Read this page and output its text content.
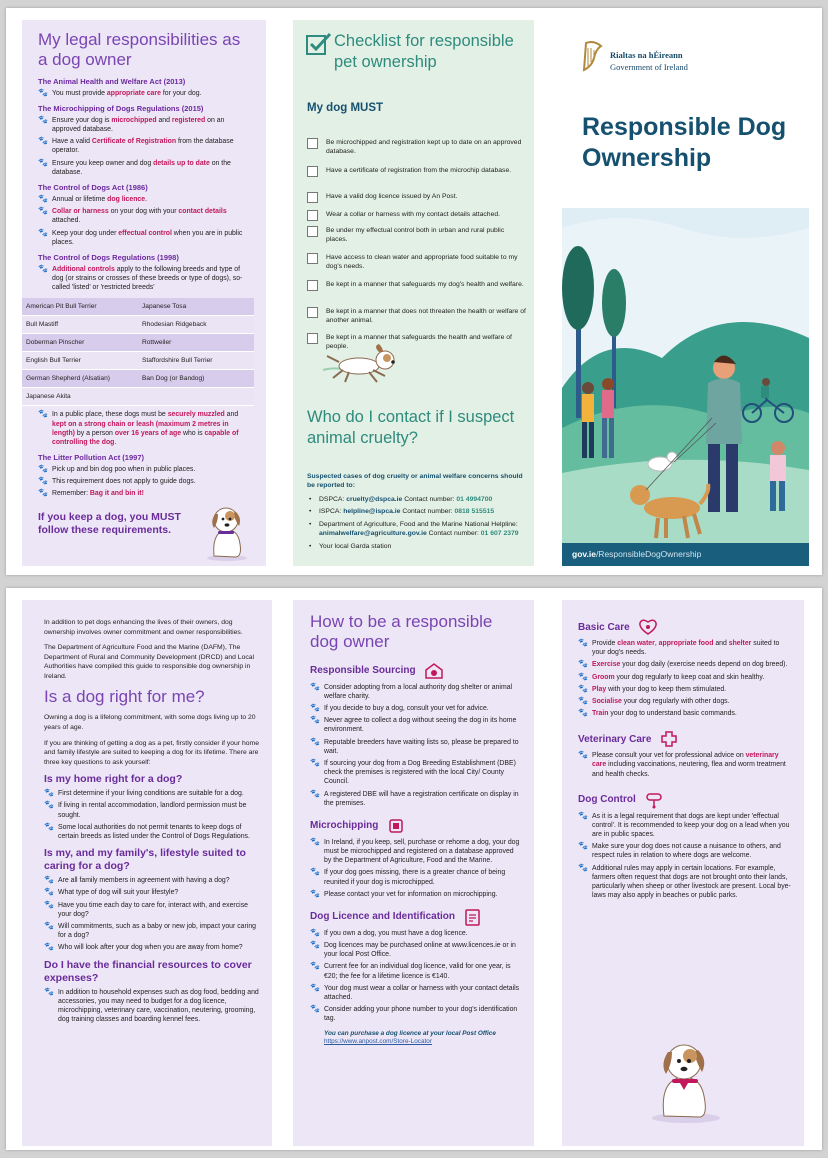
My legal responsibilities as a dog owner
The Animal Health and Welfare Act (2013)
🐾 You must provide appropriate care for your dog.
The Microchipping of Dogs Regulations (2015)
🐾 Ensure your dog is microchipped and registered on an approved database.
🐾 Have a valid Certificate of Registration from the database operator.
🐾 Ensure you keep owner and dog details up to date on the database.
The Control of Dogs Act (1986)
🐾 Annual or lifetime dog licence.
🐾 Collar or harness on your dog with your contact details attached.
🐾 Keep your dog under effectual control when you are in public places.
The Control of Dogs Regulations (1998)
🐾 Additional controls apply to the following breeds and type of dog (or strains or crosses of these breeds or type of dogs), so-called 'listed' or 'restricted breeds'
American Pit Bull Terrier	Japanese Tosa
Bull Mastiff	Rhodesian Ridgeback
Doberman Pinscher	Rottweiler
English Bull Terrier	Staffordshire Bull Terrier
German Shepherd (Alsatian)	Ban Dog (or Bandog)
Japanese Akita	
🐾 In a public place, these dogs must be securely muzzled and kept on a strong chain or leash (maximum 2 metres in length) by a person over 16 years of age who is capable of controlling the dog.
The Litter Pollution Act (1997)
🐾 Pick up and bin dog poo when in public places.
🐾 This requirement does not apply to guide dogs.
🐾 Remember: Bag it and bin it!
If you keep a dog, you MUST follow these requirements.
Checklist for responsible pet ownership
My dog MUST
Be microchipped and registration kept up to date on an approved database.
Have a certificate of registration from the microchip database.
Have a valid dog licence issued by An Post.
Wear a collar or harness with my contact details attached.
Be under my effectual control both in urban and rural public places.
Have access to clean water and appropriate food suitable to my dog's needs.
Be kept in a manner that safeguards my dog's health and welfare.
Be kept in a manner that does not threaten the health or welfare of another animal.
Be kept in a manner that safeguards the health and welfare of people.
Who do I contact if I suspect animal cruelty?
Suspected cases of dog cruelty or animal welfare concerns should be reported to:
• DSPCA: cruelty@dspca.ie Contact number: 01 4994700
• ISPCA: helpline@ispca.ie Contact number: 0818 515515
• Department of Agriculture, Food and the Marine National Helpline: animalwelfare@agriculture.gov.ie Contact number: 01 607 2379
• Your local Garda station
Rialtas na hÉireann
Government of Ireland
Responsible Dog Ownership
gov.ie/ResponsibleDogOwnership

In addition to pet dogs enhancing the lives of their owners, dog ownership involves owner commitment and owner responsibilities.

The Department of Agriculture Food and the Marine (DAFM), The Department of Rural and Community Development (DRCD) and Local Authorities have compiled this guide to responsible dog ownership in Ireland.

Is a dog right for me?

Owning a dog is a lifelong commitment, with some dogs living up to 20 years of age.

If you are thinking of getting a dog as a pet, firstly consider if your home and family lifestyle are suited to keeping a dog for its lifetime. There are three key questions to ask yourself:

Is my home right for a dog?
🐾 First determine if your living conditions are suitable for a dog.
🐾 If living in rental accommodation, landlord permission must be sought.
🐾 Some local authorities do not permit tenants to keep dogs of certain breeds as listed under the Control of Dogs Regulations.
Is my, and my family's, lifestyle suited to caring for a dog?
🐾 Are all family members in agreement with having a dog?
🐾 What type of dog will suit your lifestyle?
🐾 Have you time each day to care for, interact with, and exercise your dog?
🐾 Will commitments, such as a baby or new job, impact your caring for a dog?
🐾 Who will look after your dog when you are away from home?
Do I have the financial resources to cover expenses?
🐾 In addition to household expenses such as dog food, bedding and accessories, you may need to budget for a dog licence, microchipping, veterinary care, vaccination, neutering, grooming, dog training classes and boarding kennel fees.
How to be a responsible dog owner
Responsible Sourcing
🐾 Consider adopting from a local authority dog shelter or animal welfare charity.
🐾 If you decide to buy a dog, consult your vet for advice.
🐾 Never agree to collect a dog without seeing the dog in its home environment.
🐾 Reputable breeders have waiting lists so, please be prepared to wait.
🐾 If sourcing your dog from a Dog Breeding Establishment (DBE) check the premises is registered with the local City/ County Council.
🐾 A registered DBE will have a registration certificate on display in the premises.
Microchipping
🐾 In Ireland, if you keep, sell, purchase or rehome a dog, your dog must be microchipped and registered on a database approved by the Department of Agriculture, Food and the Marine.
🐾 If your dog goes missing, there is a greater chance of being reunited if your dog is microchipped.
🐾 Please contact your vet for information on microchipping.
Dog Licence and Identification
🐾 If you own a dog, you must have a dog licence.
🐾 Dog licences may be purchased online at www.licences.ie or in your local Post Office.
🐾 Current fee for an individual dog licence, valid for one year, is €20; the fee for a lifetime licence is €140.
🐾 Your dog must wear a collar or harness with your contact details attached.
🐾 Consider adding your phone number to your dog's identification tag.
You can purchase a dog licence at your local Post Office
https://www.anpost.com/Store-Locator
Basic Care
🐾 Provide clean water, appropriate food and shelter suited to your dog's needs.
🐾 Exercise your dog daily (exercise needs depend on dog breed).
🐾 Groom your dog regularly to keep coat and skin healthy.
🐾 Play with your dog to keep them stimulated.
🐾 Socialise your dog regularly with other dogs.
🐾 Train your dog to understand basic commands.
Veterinary Care
🐾 Please consult your vet for professional advice on veterinary care including vaccinations, neutering, flea and worm treatment and health checks.
Dog Control
🐾 As it is a legal requirement that dogs are kept under 'effectual control'. It is recommended to keep your dog on a lead when you are in public spaces.
🐾 Make sure your dog does not cause a nuisance to others, and respect rules in relation to where dogs are welcome.
🐾 Additional rules may apply in certain locations. For example, farmers often request that dogs are not brought onto their lands, particularly when sheep or other livestock are present. Local bye-laws may also apply in beaches or public parks.
